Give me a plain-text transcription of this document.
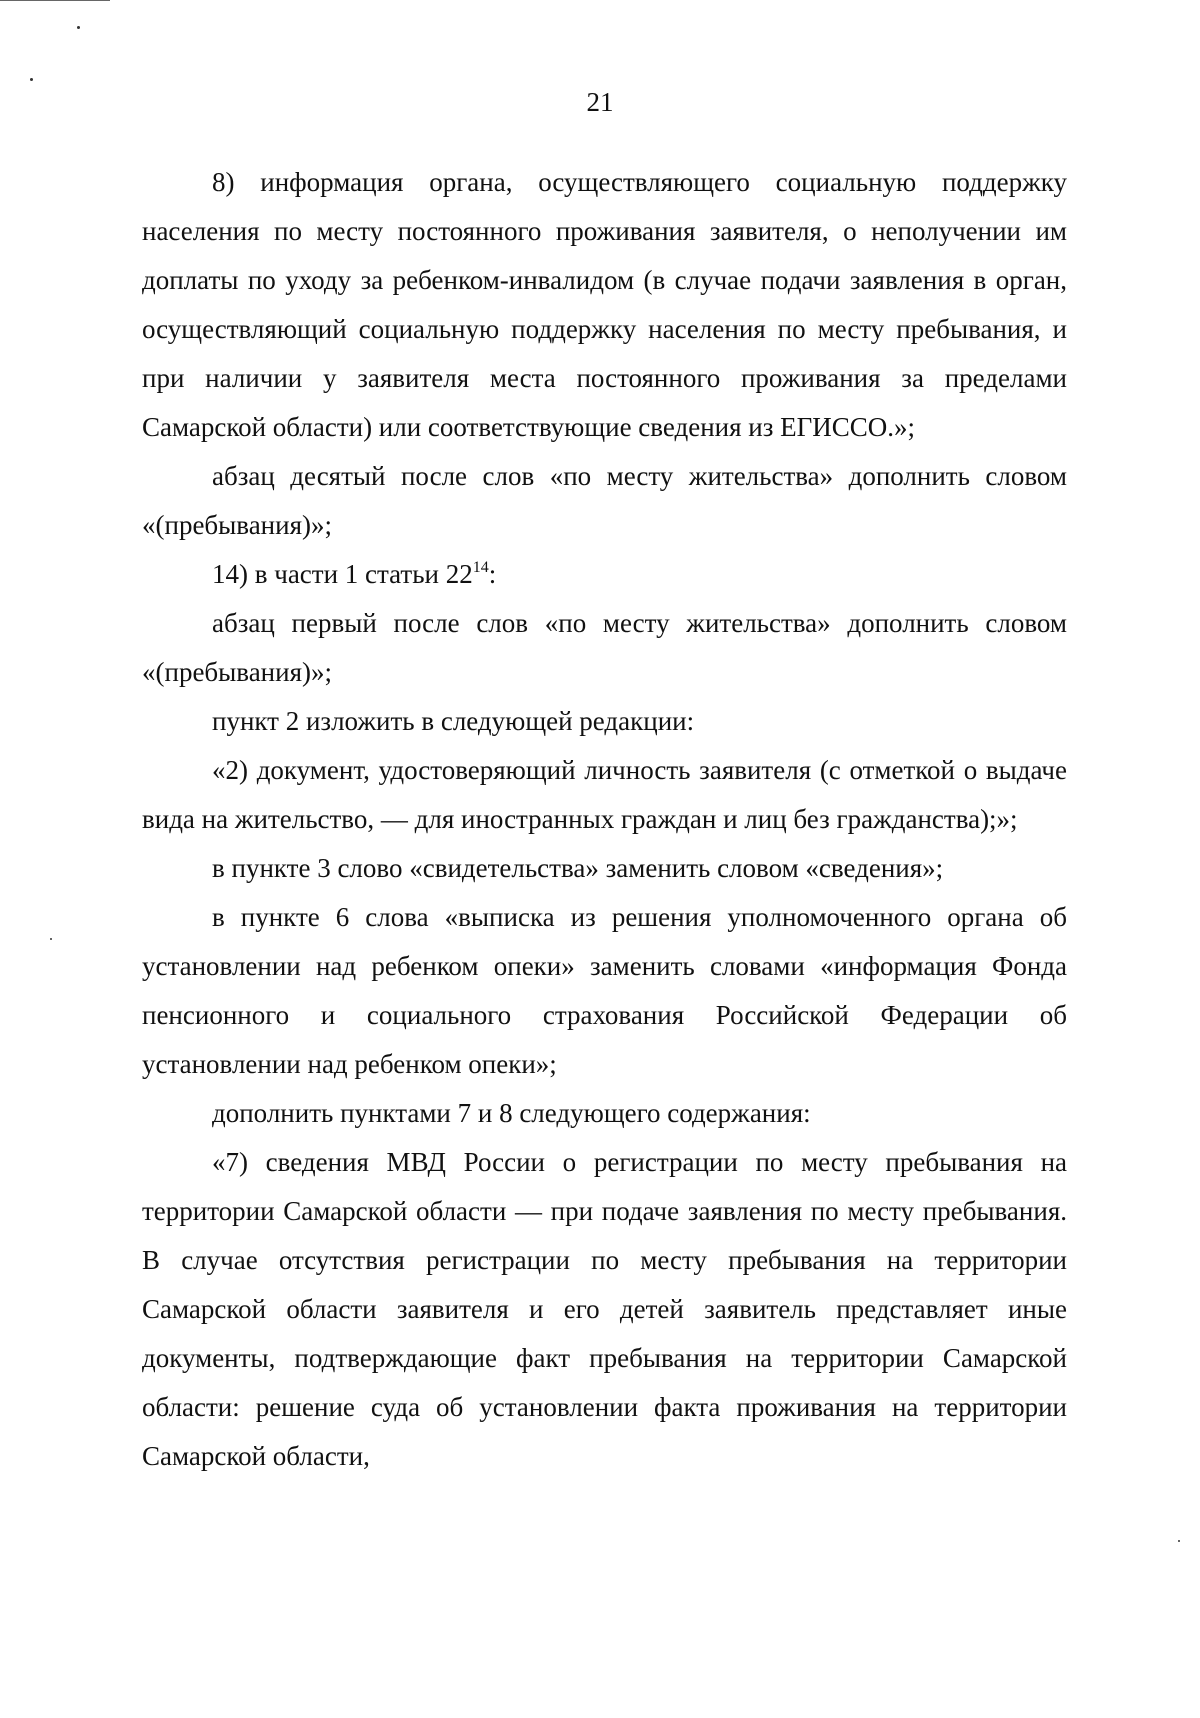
21

8) информация органа, осуществляющего социальную поддержку населения по месту постоянного проживания заявителя, о неполучении им доплаты по уходу за ребенком-инвалидом (в случае подачи заявления в орган, осуществляющий социальную поддержку населения по месту пребывания, и при наличии у заявителя места постоянного проживания за пределами Самарской области) или соответствующие сведения из ЕГИССО.»;

абзац десятый после слов «по месту жительства» дополнить словом «(пребывания)»;

14) в части 1 статьи $22^{14}$:

абзац первый после слов «по месту жительства» дополнить словом «(пребывания)»;

пункт 2 изложить в следующей редакции:

«2) документ, удостоверяющий личность заявителя (с отметкой о выдаче вида на жительство, — для иностранных граждан и лиц без гражданства);»;

в пункте 3 слово «свидетельства» заменить словом «сведения»;

в пункте 6 слова «выписка из решения уполномоченного органа об установлении над ребенком опеки» заменить словами «информация Фонда пенсионного и социального страхования Российской Федерации об установлении над ребенком опеки»;

дополнить пунктами 7 и 8 следующего содержания:

«7) сведения МВД России о регистрации по месту пребывания на территории Самарской области — при подаче заявления по месту пребывания. В случае отсутствия регистрации по месту пребывания на территории Самарской области заявителя и его детей заявитель представляет иные документы, подтверждающие факт пребывания на территории Самарской области: решение суда об установлении факта проживания на территории Самарской области,
